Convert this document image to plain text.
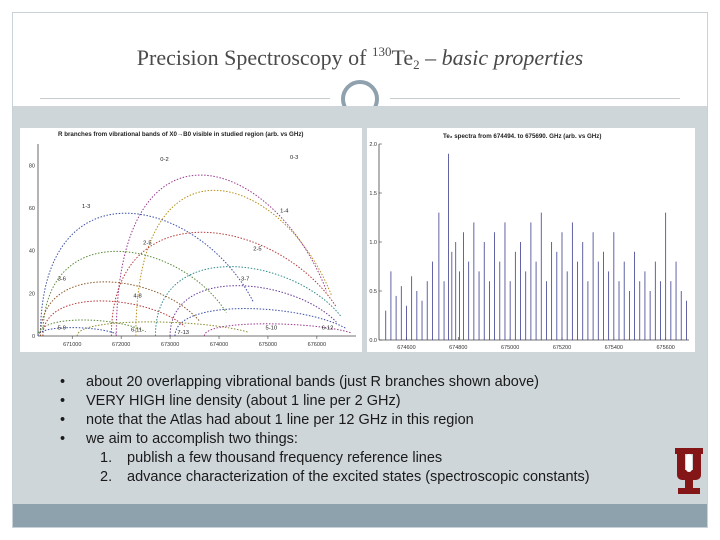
Precision Spectroscopy of $^{130}Te_2$ – basic properties
R branches from vibrational bands of X0→B0 visible in studied region (arb. vs GHz)
0
20
40
60
80
671000	672000	673000	674000	675000	676000
0-2	0-3
1-3
1-4
2-5
2-5
3-6	3-7
4-8
5-9	6-11	7-13
5-10	6-12
Te₂ spectra from 674494. to 675690. GHz (arb. vs GHz)
0.0
0.5
1.0
1.5
2.0
674600	674800	675000	675200	675400	675600
•	about 20 overlapping vibrational bands (just R branches shown above)
•	VERY HIGH line density (about 1 line per 2 GHz)
•	note that the Atlas had about 1 line per 12 GHz in this region
•	we aim to accomplish two things:
1.	publish a few thousand frequency reference lines
2.	advance characterization of the excited states (spectroscopic constants)
